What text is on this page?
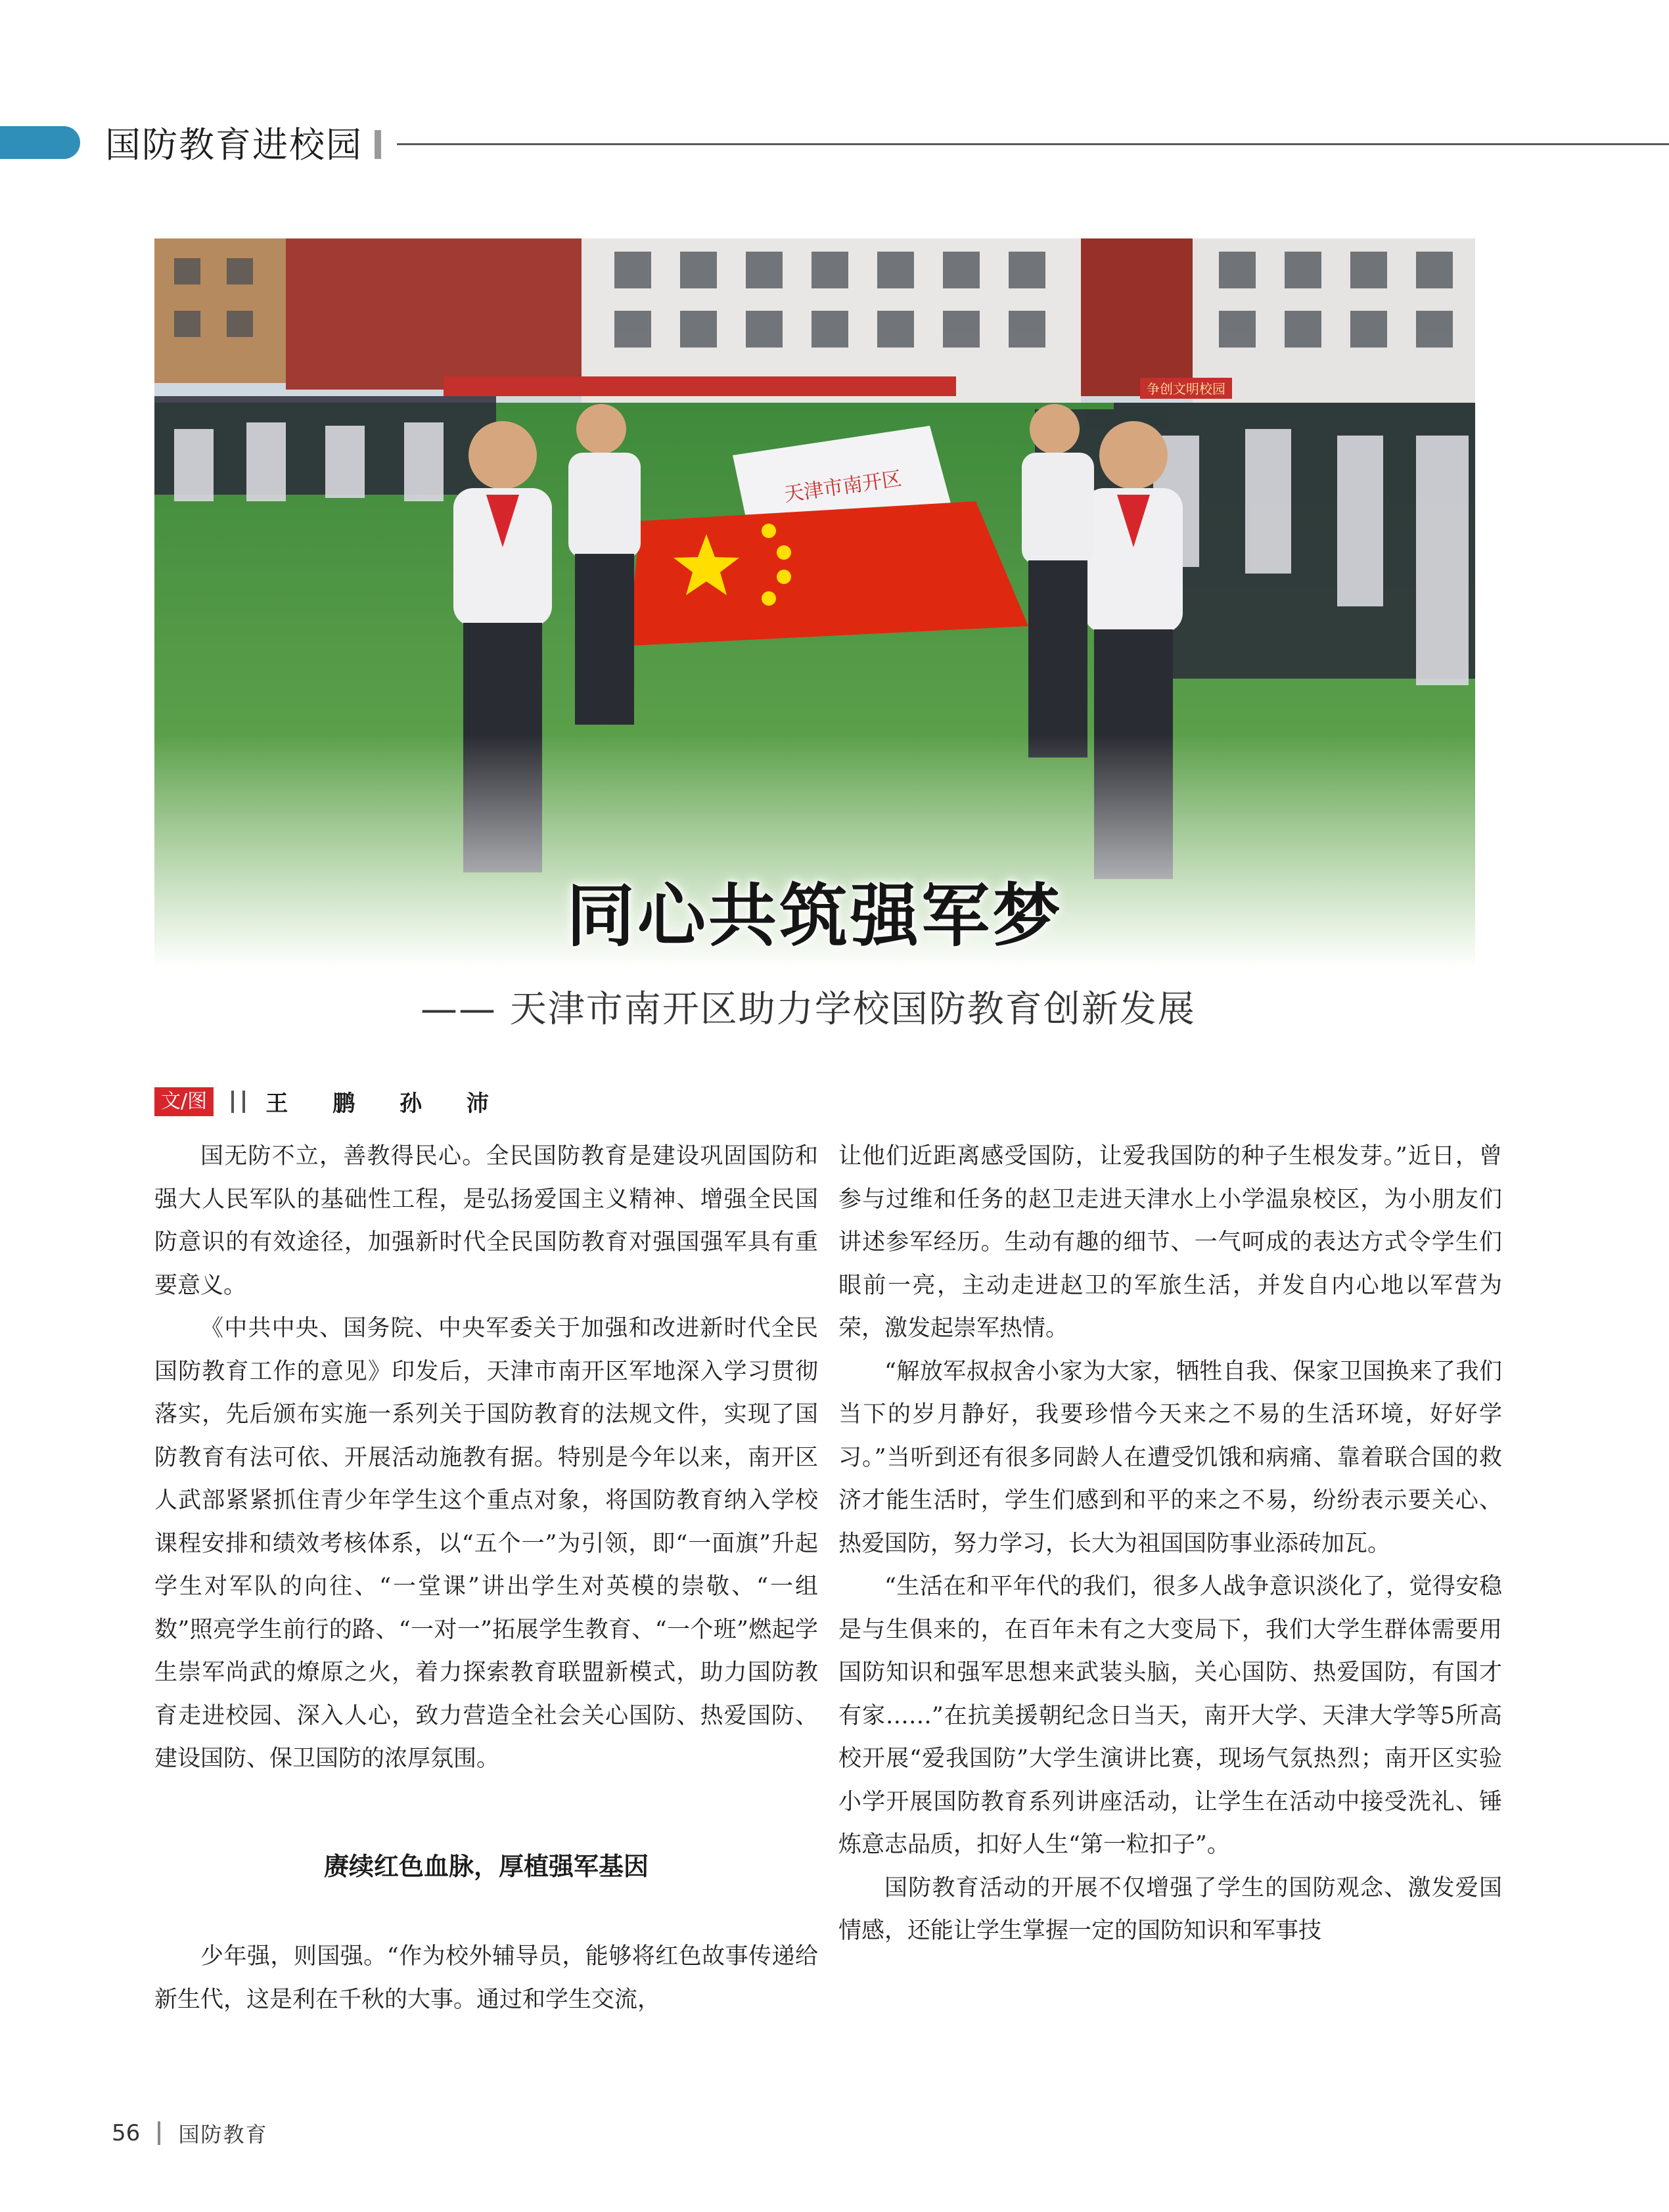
国防教育进校园
同心共筑强军梦
—— 天津市南开区助力学校国防教育创新发展
文/图	王 鹏 孙 沛

国无防不立，善教得民心。全民国防教育是建设巩固国防和强大人民军队的基础性工程，是弘扬爱国主义精神、增强全民国防意识的有效途径，加强新时代全民国防教育对强国强军具有重要意义。

《中共中央、国务院、中央军委关于加强和改进新时代全民国防教育工作的意见》印发后，天津市南开区军地深入学习贯彻落实，先后颁布实施一系列关于国防教育的法规文件，实现了国防教育有法可依、开展活动施教有据。特别是今年以来，南开区人武部紧紧抓住青少年学生这个重点对象，将国防教育纳入学校课程安排和绩效考核体系，以“五个一”为引领，即“一面旗”升起学生对军队的向往、“一堂课”讲出学生对英模的崇敬、“一组数”照亮学生前行的路、“一对一”拓展学生教育、“一个班”燃起学生崇军尚武的燎原之火，着力探索教育联盟新模式，助力国防教育走进校园、深入人心，致力营造全社会关心国防、热爱国防、建设国防、保卫国防的浓厚氛围。

赓续红色血脉，厚植强军基因

少年强，则国强。“作为校外辅导员，能够将红色故事传递给新生代，这是利在千秋的大事。通过和学生交流，

让他们近距离感受国防，让爱我国防的种子生根发芽。”近日，曾参与过维和任务的赵卫走进天津水上小学温泉校区，为小朋友们讲述参军经历。生动有趣的细节、一气呵成的表达方式令学生们眼前一亮，主动走进赵卫的军旅生活，并发自内心地以军营为荣，激发起崇军热情。

“解放军叔叔舍小家为大家，牺牲自我、保家卫国换来了我们当下的岁月静好，我要珍惜今天来之不易的生活环境，好好学习。”当听到还有很多同龄人在遭受饥饿和病痛、靠着联合国的救济才能生活时，学生们感到和平的来之不易，纷纷表示要关心、热爱国防，努力学习，长大为祖国国防事业添砖加瓦。

“生活在和平年代的我们，很多人战争意识淡化了，觉得安稳是与生俱来的，在百年未有之大变局下，我们大学生群体需要用国防知识和强军思想来武装头脑，关心国防、热爱国防，有国才有家……”在抗美援朝纪念日当天，南开大学、天津大学等5所高校开展“爱我国防”大学生演讲比赛，现场气氛热烈；南开区实验小学开展国防教育系列讲座活动，让学生在活动中接受洗礼、锤炼意志品质，扣好人生“第一粒扣子”。

国防教育活动的开展不仅增强了学生的国防观念、激发爱国情感，还能让学生掌握一定的国防知识和军事技

56 国防教育
